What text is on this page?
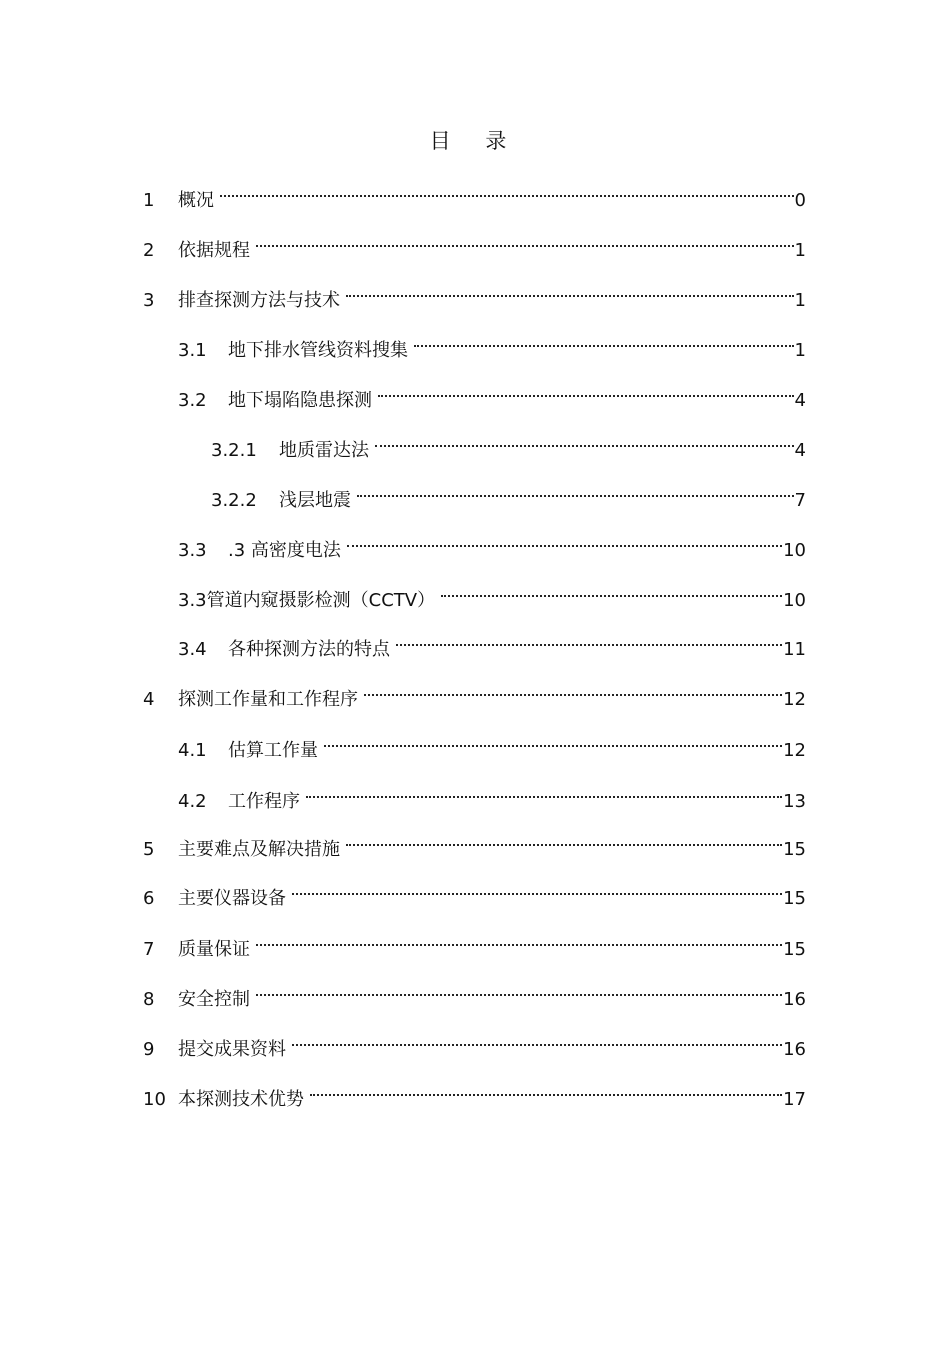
目 录
1	概况	0
2	依据规程	1
3	排查探测方法与技术	1
3.1	地下排水管线资料搜集	1
3.2	地下塌陷隐患探测	4
3.2.1	地质雷达法	4
3.2.2	浅层地震	7
3.3	.3 高密度电法	10
3.3 管道内窥摄影检测（CCTV）	10
3.4	各种探测方法的特点	11
4	探测工作量和工作程序	12
4.1	估算工作量	12
4.2	工作程序	13
5	主要难点及解决措施	15
6	主要仪器设备	15
7	质量保证	15
8	安全控制	16
9	提交成果资料	16
10 本探测技术优势	17
